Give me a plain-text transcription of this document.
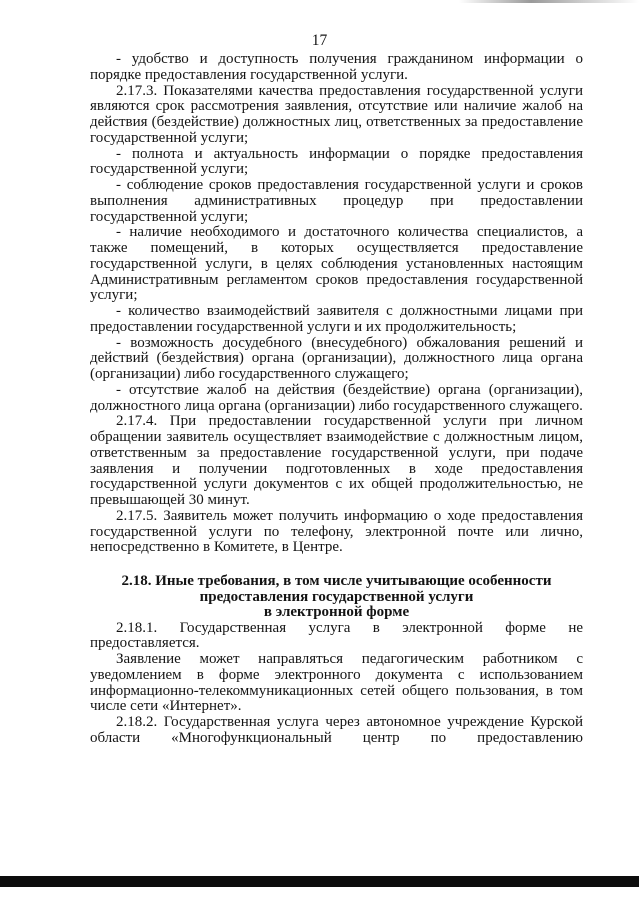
17

- удобство и доступность получения гражданином информации о порядке предоставления государственной услуги.

2.17.3. Показателями качества предоставления государственной услуги являются срок рассмотрения заявления, отсутствие или наличие жалоб на действия (бездействие) должностных лиц, ответственных за предоставление государственной услуги;

- полнота и актуальность информации о порядке предоставления государственной услуги;

- соблюдение сроков предоставления государственной услуги и сроков выполнения административных процедур при предоставлении государственной услуги;

- наличие необходимого и достаточного количества специалистов, а также помещений, в которых осуществляется предоставление государственной услуги, в целях соблюдения установленных настоящим Административным регламентом сроков предоставления государственной услуги;

- количество взаимодействий заявителя с должностными лицами при предоставлении государственной услуги и их продолжительность;

- возможность досудебного (внесудебного) обжалования решений и действий (бездействия) органа (организации), должностного лица органа (организации) либо государственного служащего;

- отсутствие жалоб на действия (бездействие) органа (организации), должностного лица органа (организации) либо государственного служащего.

2.17.4. При предоставлении государственной услуги при личном обращении заявитель осуществляет взаимодействие с должностным лицом, ответственным за предоставление государственной услуги, при подаче заявления и получении подготовленных в ходе предоставления государственной услуги документов с их общей продолжительностью, не превышающей 30 минут.

2.17.5. Заявитель может получить информацию о ходе предоставления государственной услуги по телефону, электронной почте или лично, непосредственно в Комитете, в Центре.

2.18. Иные требования, в том числе учитывающие особенности
предоставления государственной услуги
в электронной форме

2.18.1. Государственная услуга в электронной форме не предоставляется.

Заявление может направляться педагогическим работником с уведомлением в форме электронного документа с использованием информационно-телекоммуникационных сетей общего пользования, в том числе сети «Интернет».

2.18.2. Государственная услуга через автономное учреждение Курской области «Многофункциональный центр по предоставлению
